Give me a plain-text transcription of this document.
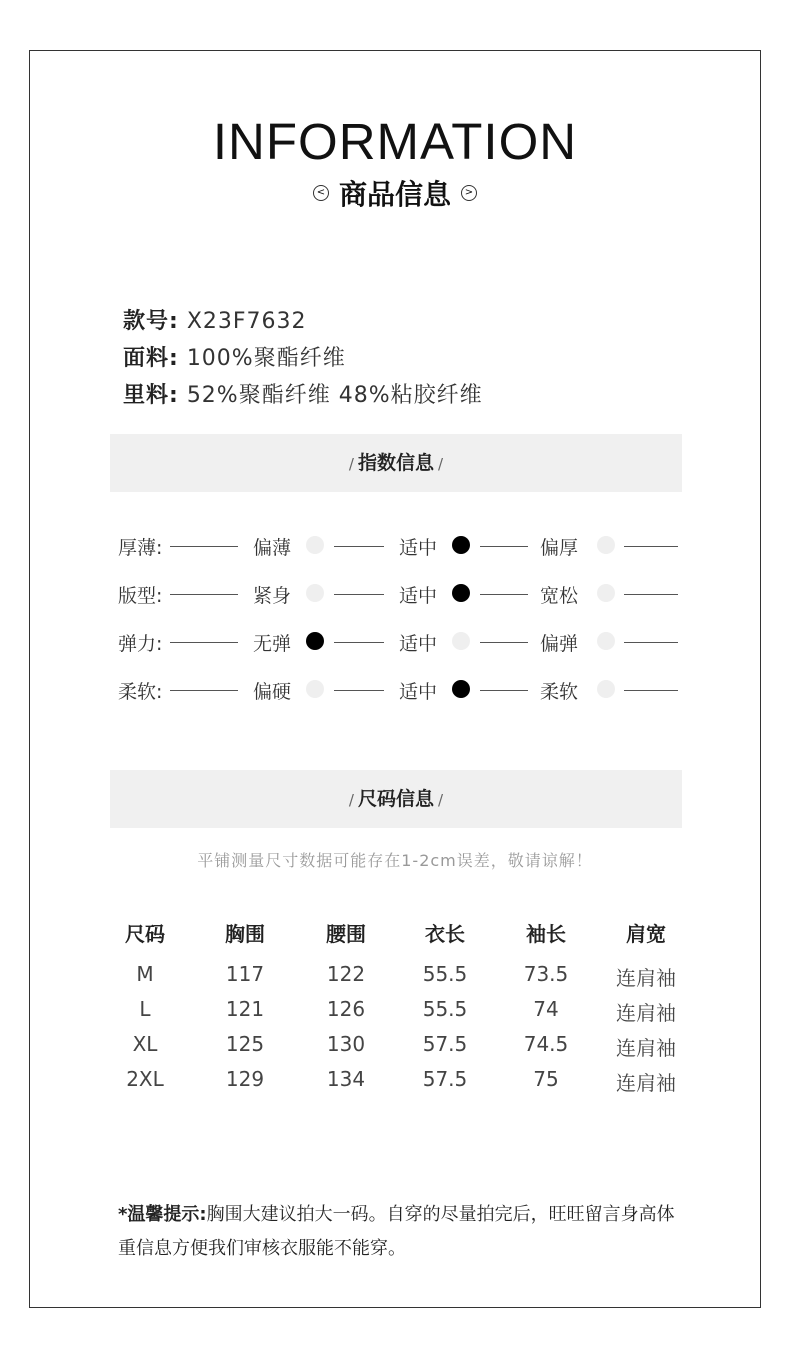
INFORMATION
< 商品信息 >
款号: X23F7632
面料: 100%聚酯纤维
里料: 52%聚酯纤维 48%粘胶纤维
/ 指数信息 /
厚薄:	偏薄	适中	偏厚
版型:	紧身	适中	宽松
弹力:	无弹	适中	偏弹
柔软:	偏硬	适中	柔软
/ 尺码信息 /
平铺测量尺寸数据可能存在1-2cm误差，敬请谅解！
尺码	胸围	腰围	衣长	袖长	肩宽
M	117	122	55.5	73.5	连肩袖
L	121	126	55.5	74	连肩袖
XL	125	130	57.5	74.5	连肩袖
2XL	129	134	57.5	75	连肩袖
*温馨提示:胸围大建议拍大一码。自穿的尽量拍完后，旺旺留言身高体重信息方便我们审核衣服能不能穿。
